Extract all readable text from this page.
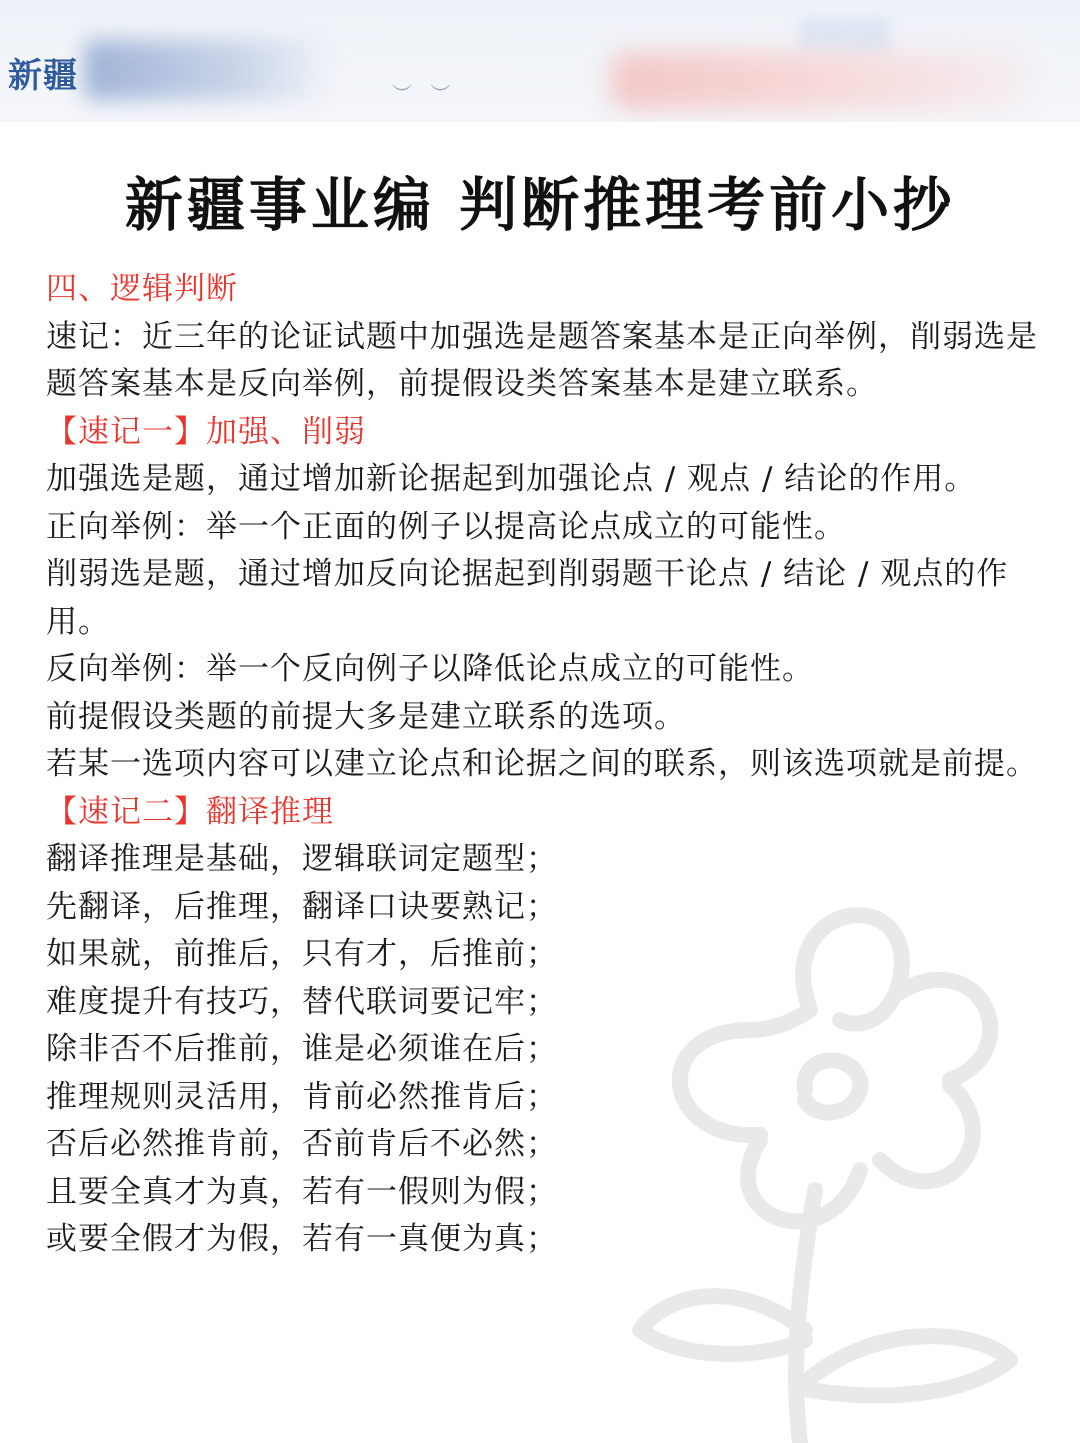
新疆	︶ ︶
新疆事业编 判断推理考前小抄

四、逻辑判断

速记：近三年的论证试题中加强选是题答案基本是正向举例，削弱选是题答案基本是反向举例，前提假设类答案基本是建立联系。

【速记一】加强、削弱

加强选是题，通过增加新论据起到加强论点 / 观点 / 结论的作用。

正向举例：举一个正面的例子以提高论点成立的可能性。

削弱选是题，通过增加反向论据起到削弱题干论点 / 结论 / 观点的作用。

反向举例：举一个反向例子以降低论点成立的可能性。

前提假设类题的前提大多是建立联系的选项。

若某一选项内容可以建立论点和论据之间的联系，则该选项就是前提。

【速记二】翻译推理

翻译推理是基础，逻辑联词定题型；

先翻译，后推理，翻译口诀要熟记；

如果就，前推后，只有才，后推前；

难度提升有技巧，替代联词要记牢；

除非否不后推前，谁是必须谁在后；

推理规则灵活用，肯前必然推肯后；

否后必然推肯前，否前肯后不必然；

且要全真才为真，若有一假则为假；

或要全假才为假，若有一真便为真；
